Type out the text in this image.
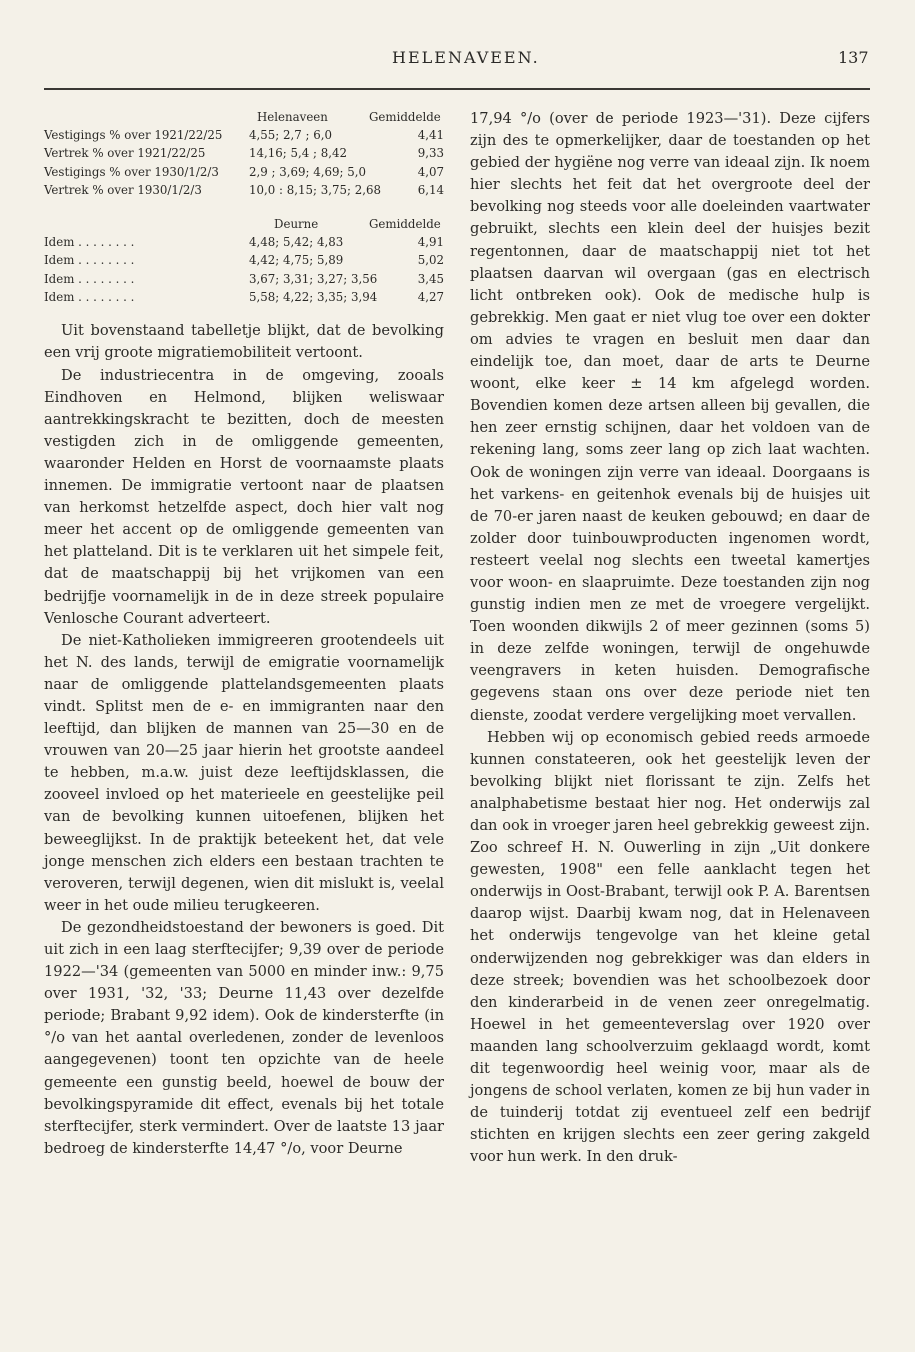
HELENAVEEN.	137
Helenaveen	Gemiddelde
Vestigings % over 1921/22/25 4,55; 2,7 ; 6,0	4,41
Vertrek % over 1921/22/25	14,16; 5,4 ; 8,42	9,33
Vestigings % over 1930/1/2/3	2,9 ; 3,69; 4,69; 5,0	4,07
Vertrek % over 1930/1/2/3	10,0 : 8,15; 3,75; 2,68	6,14
Deurne	Gemiddelde
Idem . . . . . . . .	4,48; 5,42; 4,83	4,91
Idem . . . . . . . .	4,42; 4,75; 5,89	5,02
Idem . . . . . . . .	3,67; 3,31; 3,27; 3,56	3,45
Idem . . . . . . . .	5,58; 4,22; 3,35; 3,94	4,27

Uit bovenstaand tabelletje blijkt, dat de bevolking een vrij groote migratiemobiliteit vertoont.

De industriecentra in de omgeving, zooals Eindhoven en Helmond, blijken weliswaar aantrekkingskracht te bezitten, doch de meesten vestigden zich in de omliggende gemeenten, waaronder Helden en Horst de voornaamste plaats innemen. De immigratie vertoont naar de plaatsen van herkomst hetzelfde aspect, doch hier valt nog meer het accent op de omliggende gemeenten van het platteland. Dit is te verklaren uit het simpele feit, dat de maatschappij bij het vrijkomen van een bedrijfje voornamelijk in de in deze streek populaire Venlosche Courant adverteert.

De niet-Katholieken immigreeren grootendeels uit het N. des lands, terwijl de emigratie voornamelijk naar de omliggende plattelandsgemeenten plaats vindt. Splitst men de e- en immigranten naar den leeftijd, dan blijken de mannen van 25—30 en de vrouwen van 20—25 jaar hierin het grootste aandeel te hebben, m.a.w. juist deze leeftijdsklassen, die zooveel invloed op het materieele en geestelijke peil van de bevolking kunnen uitoefenen, blijken het beweeglijkst. In de praktijk beteekent het, dat vele jonge menschen zich elders een bestaan trachten te veroveren, terwijl degenen, wien dit mislukt is, veelal weer in het oude milieu terugkeeren.

De gezondheidstoestand der bewoners is goed. Dit uit zich in een laag sterftecijfer; 9,39 over de periode 1922—'34 (gemeenten van 5000 en minder inw.: 9,75 over 1931, '32, '33; Deurne 11,43 over dezelfde periode; Brabant 9,92 idem). Ook de kindersterfte (in °/o van het aantal overledenen, zonder de levenloos aangegevenen) toont ten opzichte van de heele gemeente een gunstig beeld, hoewel de bouw der bevolkingspyramide dit effect, evenals bij het totale sterftecijfer, sterk vermindert. Over de laatste 13 jaar bedroeg de kindersterfte 14,47 °/o, voor Deurne

17,94 °/o (over de periode 1923—'31). Deze cijfers zijn des te opmerkelijker, daar de toestanden op het gebied der hygiëne nog verre van ideaal zijn. Ik noem hier slechts het feit dat het overgroote deel der bevolking nog steeds voor alle doeleinden vaartwater gebruikt, slechts een klein deel der huisjes bezit regentonnen, daar de maatschappij niet tot het plaatsen daarvan wil overgaan (gas en electrisch licht ontbreken ook). Ook de medische hulp is gebrekkig. Men gaat er niet vlug toe over een dokter om advies te vragen en besluit men daar dan eindelijk toe, dan moet, daar de arts te Deurne woont, elke keer ± 14 km afgelegd worden. Bovendien komen deze artsen alleen bij gevallen, die hen zeer ernstig schijnen, daar het voldoen van de rekening lang, soms zeer lang op zich laat wachten. Ook de woningen zijn verre van ideaal. Doorgaans is het varkens- en geitenhok evenals bij de huisjes uit de 70-er jaren naast de keuken gebouwd; en daar de zolder door tuinbouwproducten ingenomen wordt, resteert veelal nog slechts een tweetal kamertjes voor woon- en slaapruimte. Deze toestanden zijn nog gunstig indien men ze met de vroegere vergelijkt. Toen woonden dikwijls 2 of meer gezinnen (soms 5) in deze zelfde woningen, terwijl de ongehuwde veengravers in keten huisden. Demografische gegevens staan ons over deze periode niet ten dienste, zoodat verdere vergelijking moet vervallen.

Hebben wij op economisch gebied reeds armoede kunnen constateeren, ook het geestelijk leven der bevolking blijkt niet florissant te zijn. Zelfs het analphabetisme bestaat hier nog. Het onderwijs zal dan ook in vroeger jaren heel gebrekkig geweest zijn. Zoo schreef H. N. Ouwerling in zijn „Uit donkere gewesten, 1908" een felle aanklacht tegen het onderwijs in Oost-Brabant, terwijl ook P. A. Barentsen daarop wijst. Daarbij kwam nog, dat in Helenaveen het onderwijs tengevolge van het kleine getal onderwijzenden nog gebrekkiger was dan elders in deze streek; bovendien was het schoolbezoek door den kinderarbeid in de venen zeer onregelmatig. Hoewel in het gemeenteverslag over 1920 over maanden lang schoolverzuim geklaagd wordt, komt dit tegenwoordig heel weinig voor, maar als de jongens de school verlaten, komen ze bij hun vader in de tuinderij totdat zij eventueel zelf een bedrijf stichten en krijgen slechts een zeer gering zakgeld voor hun werk. In den druk-
